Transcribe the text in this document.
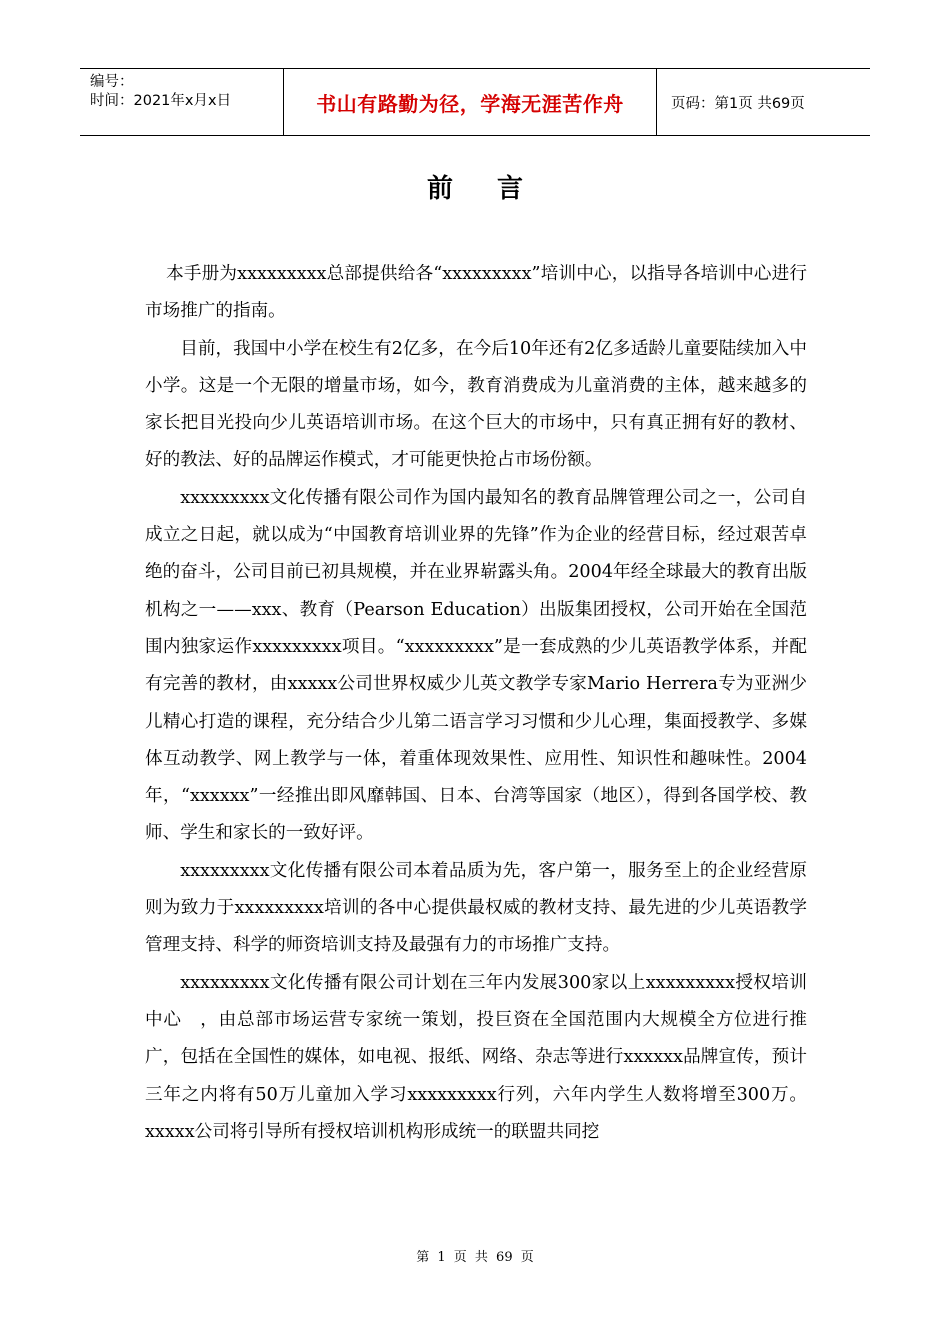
编号：
时间：2021年x月x日	书山有路勤为径，学海无涯苦作舟	页码：第1页 共69页
前言

本手册为xxxxxxxxx总部提供给各“xxxxxxxxx”培训中心，以指导各培训中心进行市场推广的指南。

目前，我国中小学在校生有2亿多，在今后10年还有2亿多适龄儿童要陆续加入中小学。这是一个无限的增量市场，如今，教育消费成为儿童消费的主体，越来越多的家长把目光投向少儿英语培训市场。在这个巨大的市场中，只有真正拥有好的教材、好的教法、好的品牌运作模式，才可能更快抢占市场份额。

xxxxxxxxx文化传播有限公司作为国内最知名的教育品牌管理公司之一，公司自成立之日起，就以成为“中国教育培训业界的先锋”作为企业的经营目标，经过艰苦卓绝的奋斗，公司目前已初具规模，并在业界崭露头角。2004年经全球最大的教育出版机构之一——xxx、教育（Pearson Education）出版集团授权，公司开始在全国范围内独家运作xxxxxxxxx项目。“xxxxxxxxx”是一套成熟的少儿英语教学体系，并配有完善的教材，由xxxxx公司世界权威少儿英文教学专家Mario Herrera专为亚洲少儿精心打造的课程，充分结合少儿第二语言学习习惯和少儿心理，集面授教学、多媒体互动教学、网上教学与一体，着重体现效果性、应用性、知识性和趣味性。2004年，“xxxxxx”一经推出即风靡韩国、日本、台湾等国家（地区），得到各国学校、教师、学生和家长的一致好评。

xxxxxxxxx文化传播有限公司本着品质为先，客户第一，服务至上的企业经营原则为致力于xxxxxxxxx培训的各中心提供最权威的教材支持、最先进的少儿英语教学管理支持、科学的师资培训支持及最强有力的市场推广支持。

xxxxxxxxx文化传播有限公司计划在三年内发展300家以上xxxxxxxxx授权培训中心　，由总部市场运营专家统一策划，投巨资在全国范围内大规模全方位进行推广，包括在全国性的媒体，如电视、报纸、网络、杂志等进行xxxxxx品牌宣传，预计三年之内将有50万儿童加入学习xxxxxxxxx行列，六年内学生人数将增至300万。xxxxx公司将引导所有授权培训机构形成统一的联盟共同挖

第 1 页 共 69 页
